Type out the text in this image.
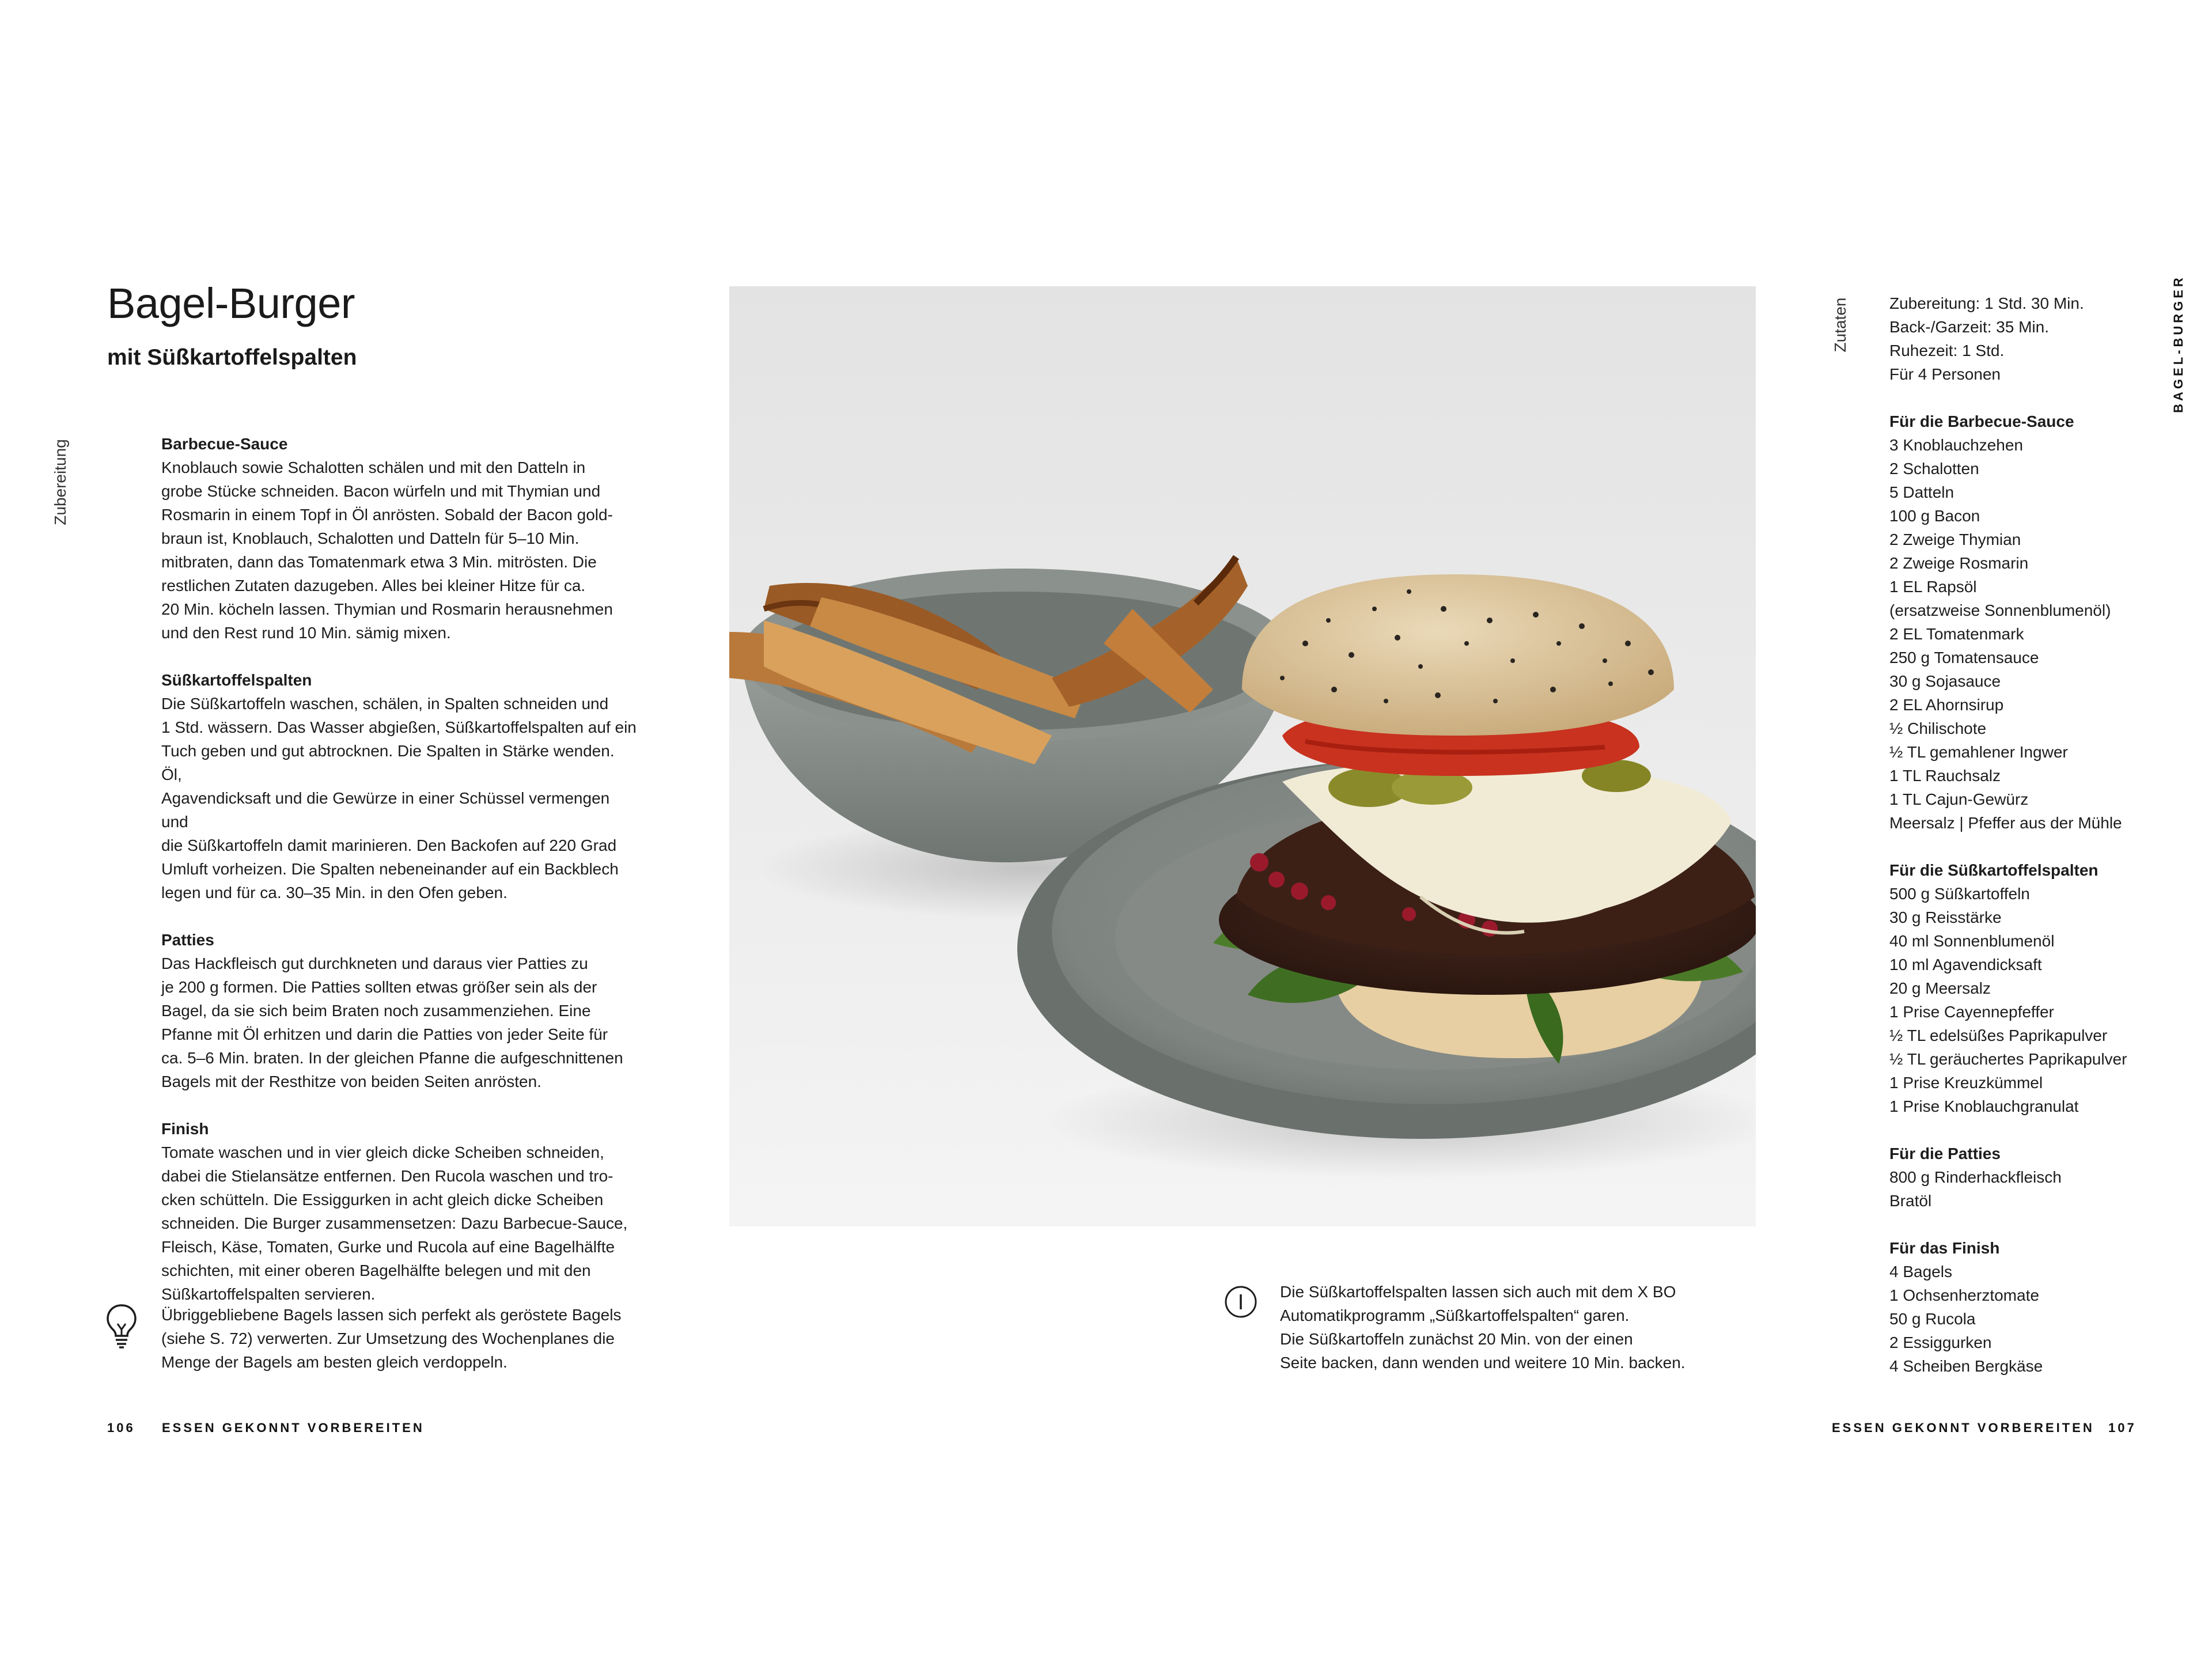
Bagel-Burger
mit Süßkartoffelspalten
Zubereitung	Barbecue-Sauce

Knoblauch sowie Schalotten schälen und mit den Datteln in
grobe Stücke schneiden. Bacon würfeln und mit Thymian und
Rosmarin in einem Topf in Öl anrösten. Sobald der Bacon gold-
braun ist, Knoblauch, Schalotten und Datteln für 5–10 Min.
mitbraten, dann das Tomatenmark etwa 3 Min. mitrösten. Die
restlichen Zutaten dazugeben. Alles bei kleiner Hitze für ca.
20 Min. köcheln lassen. Thymian und Rosmarin herausnehmen
und den Rest rund 10 Min. sämig mixen.

Süßkartoffelspalten

Die Süßkartoffeln waschen, schälen, in Spalten schneiden und
1 Std. wässern. Das Wasser abgießen, Süßkartoffelspalten auf ein
Tuch geben und gut abtrocknen. Die Spalten in Stärke wenden. Öl,
Agavendicksaft und die Gewürze in einer Schüssel vermengen und
die Süßkartoffeln damit marinieren. Den Backofen auf 220 Grad
Umluft vorheizen. Die Spalten nebeneinander auf ein Backblech
legen und für ca. 30–35 Min. in den Ofen geben.

Patties

Das Hackfleisch gut durchkneten und daraus vier Patties zu
je 200 g formen. Die Patties sollten etwas größer sein als der
Bagel, da sie sich beim Braten noch zusammenziehen. Eine
Pfanne mit Öl erhitzen und darin die Patties von jeder Seite für
ca. 5–6 Min. braten. In der gleichen Pfanne die aufgeschnittenen
Bagels mit der Resthitze von beiden Seiten anrösten.

Finish

Tomate waschen und in vier gleich dicke Scheiben schneiden,
dabei die Stielansätze entfernen. Den Rucola waschen und tro-
cken schütteln. Die Essiggurken in acht gleich dicke Scheiben
schneiden. Die Burger zusammensetzen: Dazu Barbecue-Sauce,
Fleisch, Käse, Tomaten, Gurke und Rucola auf eine Bagelhälfte
schichten, mit einer oberen Bagelhälfte belegen und mit den
Süßkartoffelspalten servieren.

Übriggebliebene Bagels lassen sich perfekt als geröstete Bagels
(siehe S. 72) verwerten. Zur Umsetzung des Wochenplanes die
Menge der Bagels am besten gleich verdoppeln.
Die Süßkartoffelspalten lassen sich auch mit dem X BO
Automatikprogramm „Süßkartoffelspalten“ garen.
Die Süßkartoffeln zunächst 20 Min. von der einen
Seite backen, dann wenden und weitere 10 Min. backen.
Zutaten	BAGEL-BURGER
Zubereitung: 1 Std. 30 Min.
Back-/Garzeit: 35 Min.
Ruhezeit: 1 Std.
Für 4 Personen
Für die Barbecue-Sauce
3 Knoblauchzehen
2 Schalotten
5 Datteln
100 g Bacon
2 Zweige Thymian
2 Zweige Rosmarin
1 EL Rapsöl
(ersatzweise Sonnenblumenöl)
2 EL Tomatenmark
250 g Tomatensauce
30 g Sojasauce
2 EL Ahornsirup
½ Chilischote
½ TL gemahlener Ingwer
1 TL Rauchsalz
1 TL Cajun-Gewürz
Meersalz | Pfeffer aus der Mühle
Für die Süßkartoffelspalten
500 g Süßkartoffeln
30 g Reisstärke
40 ml Sonnenblumenöl
10 ml Agavendicksaft
20 g Meersalz
1 Prise Cayennepfeffer
½ TL edelsüßes Paprikapulver
½ TL geräuchertes Paprikapulver
1 Prise Kreuzkümmel
1 Prise Knoblauchgranulat
Für die Patties
800 g Rinderhackfleisch
Bratöl
Für das Finish
4 Bagels
1 Ochsenherztomate
50 g Rucola
2 Essiggurken
4 Scheiben Bergkäse
106 ESSEN GEKONNT VORBEREITEN	ESSEN GEKONNT VORBEREITEN 107
